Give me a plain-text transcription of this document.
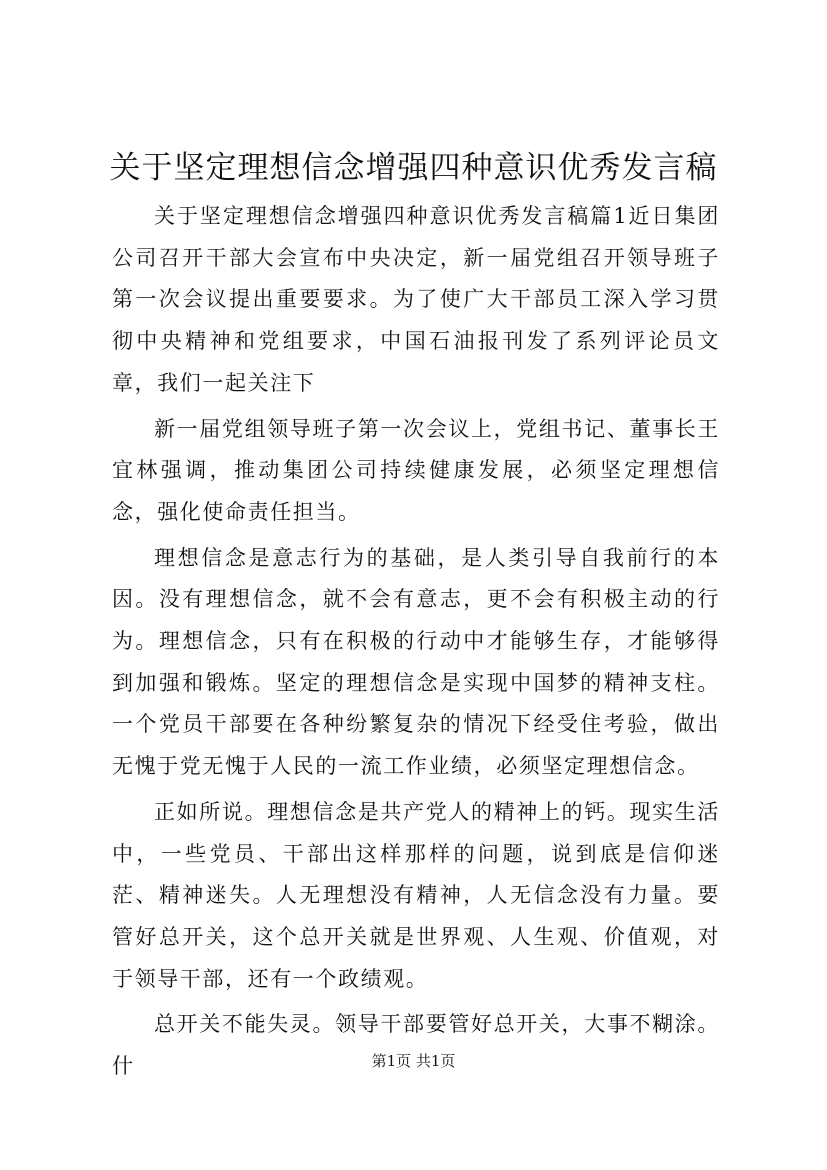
关于坚定理想信念增强四种意识优秀发言稿

关于坚定理想信念增强四种意识优秀发言稿篇1近日集团公司召开干部大会宣布中央决定，新一届党组召开领导班子第一次会议提出重要要求。为了使广大干部员工深入学习贯彻中央精神和党组要求，中国石油报刊发了系列评论员文章，我们一起关注下

新一届党组领导班子第一次会议上，党组书记、董事长王宜林强调，推动集团公司持续健康发展，必须坚定理想信念，强化使命责任担当。

理想信念是意志行为的基础，是人类引导自我前行的本因。没有理想信念，就不会有意志，更不会有积极主动的行为。理想信念，只有在积极的行动中才能够生存，才能够得到加强和锻炼。坚定的理想信念是实现中国梦的精神支柱。一个党员干部要在各种纷繁复杂的情况下经受住考验，做出无愧于党无愧于人民的一流工作业绩，必须坚定理想信念。

正如所说。理想信念是共产党人的精神上的钙。现实生活中，一些党员、干部出这样那样的问题，说到底是信仰迷茫、精神迷失。人无理想没有精神，人无信念没有力量。要管好总开关，这个总开关就是世界观、人生观、价值观，对于领导干部，还有一个政绩观。

总开关不能失灵。领导干部要管好总开关，大事不糊涂。什	第1页 共1页
